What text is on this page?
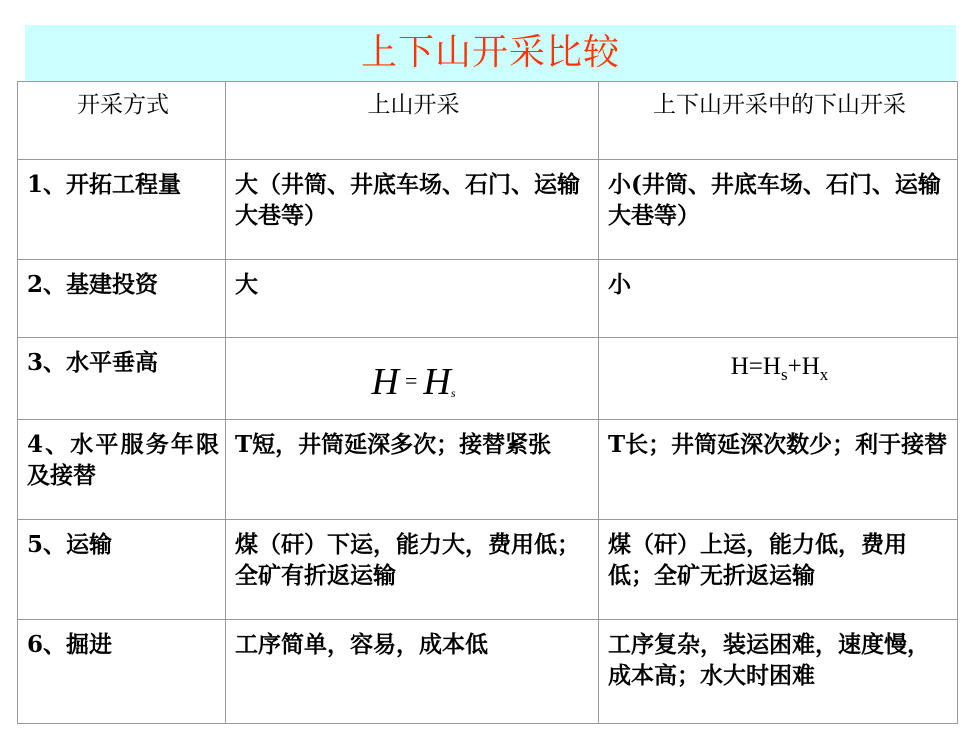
上下山开采比较
开采方式	上山开采	上下山开采中的下山开采
1、开拓工程量	大（井筒、井底车场、石门、运输大巷等）	小(井筒、井底车场、石门、运输大巷等）
2、基建投资	大	小
3、水平垂高	$H = H_s$	$H=H_s+H_x$
4、水平服务年限及接替	T短，井筒延深多次；接替紧张	T长；井筒延深次数少；利于接替
5、运输	煤（矸）下运，能力大，费用低；全矿有折返运输	煤（矸）上运，能力低，费用低；全矿无折返运输
6、掘进	工序简单，容易，成本低	工序复杂，装运困难，速度慢，成本高；水大时困难
